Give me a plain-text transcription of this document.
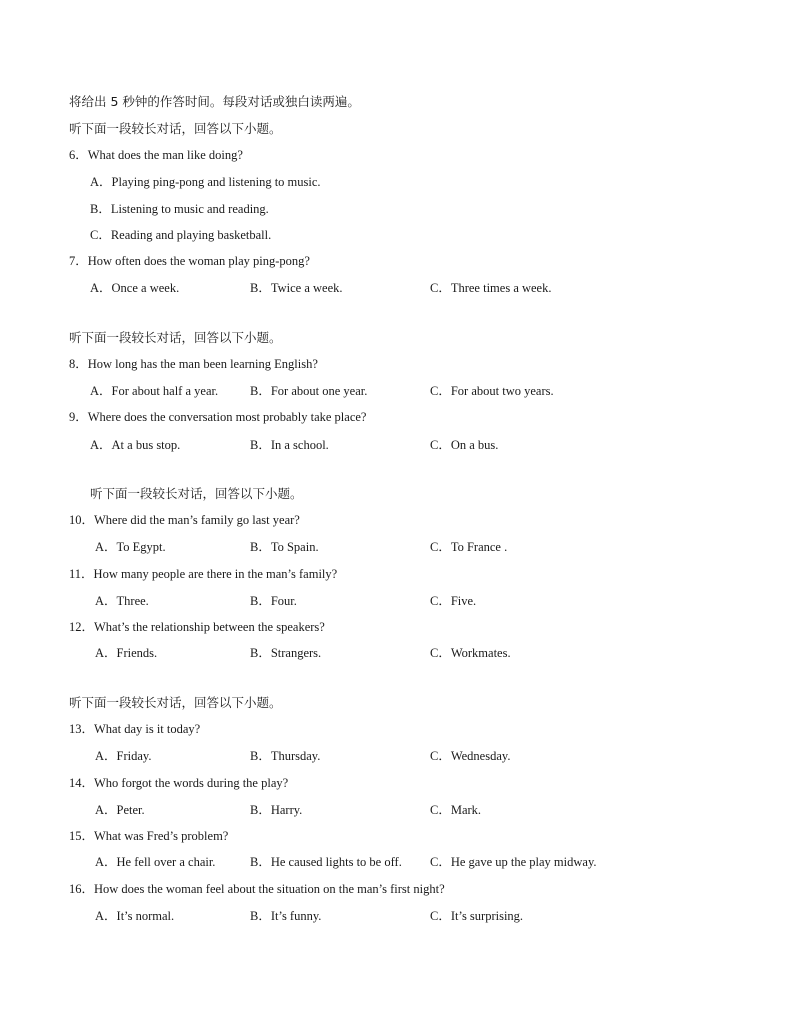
将给出 5 秒钟的作答时间。每段对话或独白读两遍。
听下面一段较长对话，回答以下小题。
6．What does the man like doing?
A．Playing ping-pong and listening to music.
B．Listening to music and reading.
C．Reading and playing basketball.
7．How often does the woman play ping-pong?
A．Once a week.	B．Twice a week.	C．Three times a week.
听下面一段较长对话，回答以下小题。
8．How long has the man been learning English?
A．For about half a year.	B．For about one year.	C．For about two years.
9．Where does the conversation most probably take place?
A．At a bus stop.	B．In a school.	C．On a bus.
听下面一段较长对话，回答以下小题。
10．Where did the man’s family go last year?
A．To Egypt.	B．To Spain.	C．To France .
11．How many people are there in the man’s family?
A．Three.	B．Four.	C．Five.
12．What’s the relationship between the speakers?
A．Friends.	B．Strangers.	C．Workmates.
听下面一段较长对话，回答以下小题。
13．What day is it today?
A．Friday.	B．Thursday.	C．Wednesday.
14．Who forgot the words during the play?
A．Peter.	B．Harry.	C．Mark.
15．What was Fred’s problem?
A．He fell over a chair.	B．He caused lights to be off. C．He gave up the play midway.
16．How does the woman feel about the situation on the man’s first night?
A．It’s normal.	B．It’s funny.	C．It’s surprising.
